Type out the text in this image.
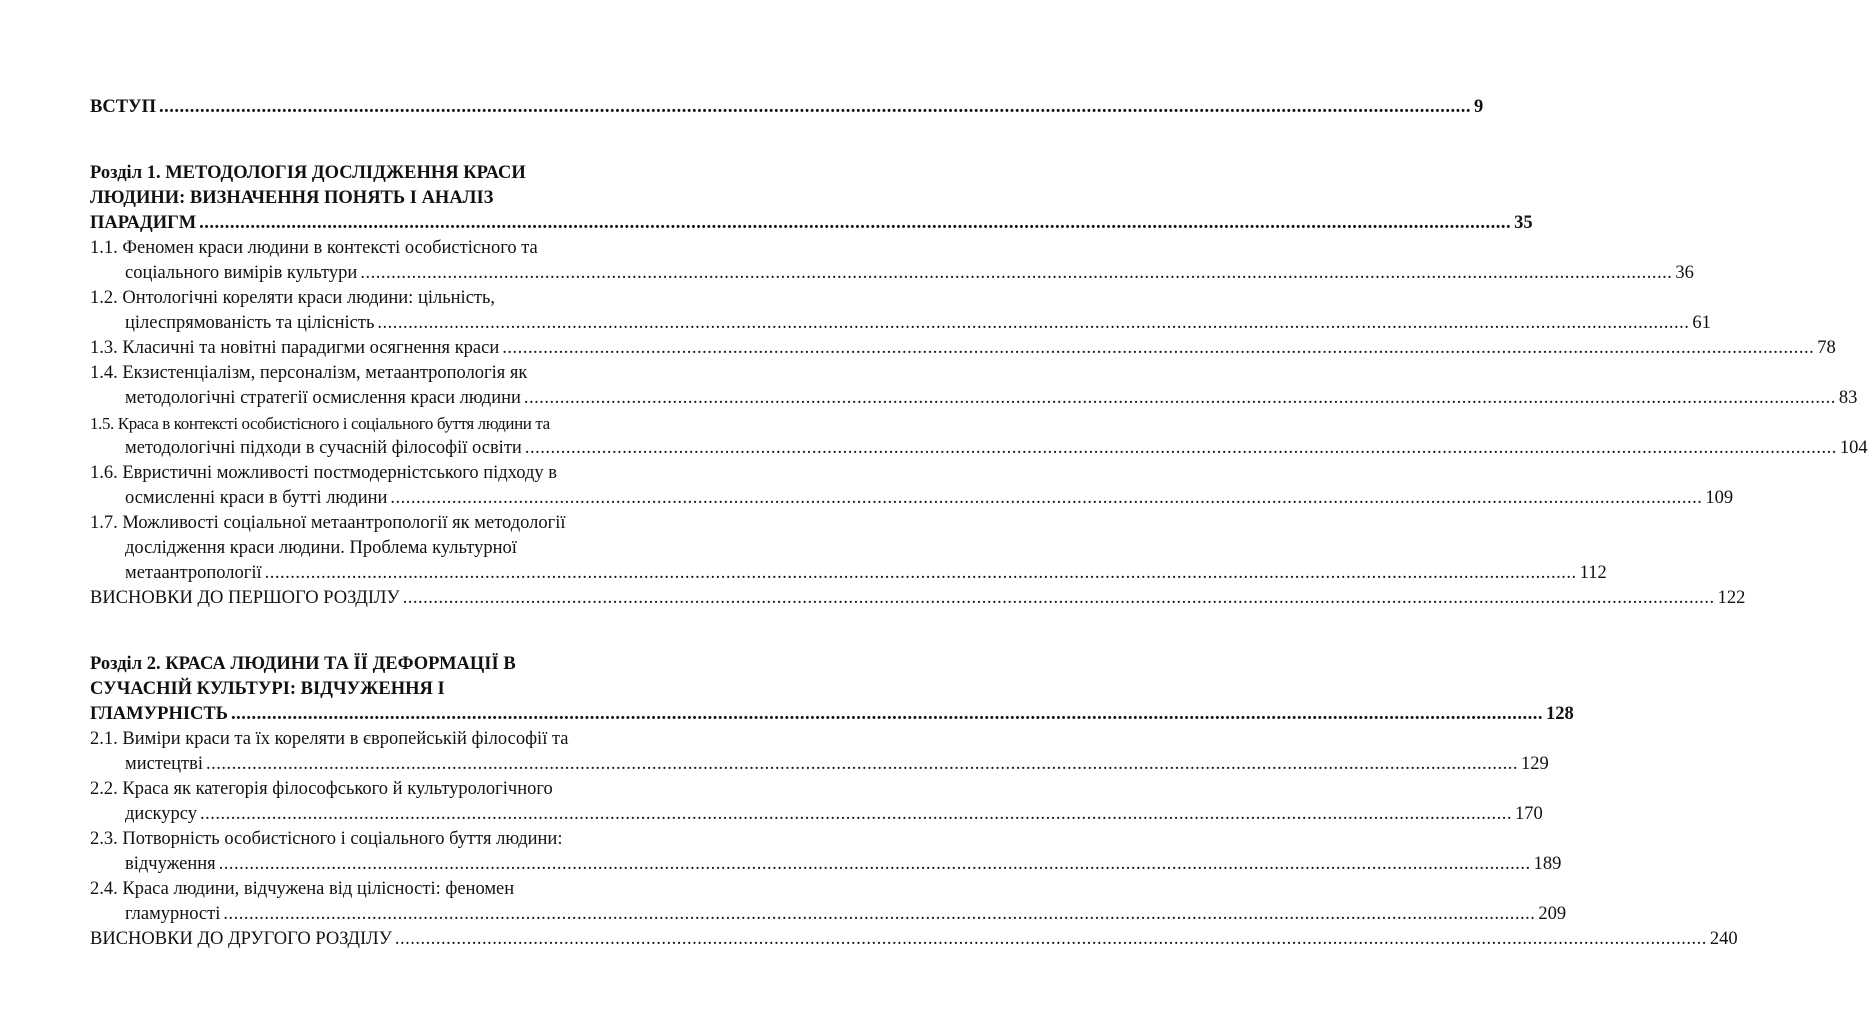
ВСТУП .....	9
Розділ 1. МЕТОДОЛОГІЯ ДОСЛІДЖЕННЯ КРАСИ
ЛЮДИНИ: ВИЗНАЧЕННЯ ПОНЯТЬ І АНАЛІЗ
ПАРАДИГМ .....	35
1.1. Феномен краси людини в контексті особистісного та
соціального вимірів культури .....	36
1.2. Онтологічні кореляти краси людини: цільність,
цілеспрямованість та цілісність .....	61
1.3. Класичні та новітні парадигми осягнення краси .....	78
1.4. Екзистенціалізм, персоналізм, метаантропологія як
методологічні стратегії осмислення краси людини .....	83
1.5. Краса в контексті особистісного і соціального буття людини та
методологічні підходи в сучасній філософії освіти .....	104
1.6. Евристичні можливості постмодерністського підходу в
осмисленні краси в бутті людини .....	109
1.7. Можливості соціальної метаантропології як методології
дослідження краси людини. Проблема культурної
метаантропології .....	112
ВИСНОВКИ ДО ПЕРШОГО РОЗДІЛУ .....	122
Розділ 2. КРАСА ЛЮДИНИ ТА ЇЇ ДЕФОРМАЦІЇ В
СУЧАСНІЙ КУЛЬТУРІ: ВІДЧУЖЕННЯ І
ГЛАМУРНІСТЬ .....	128
2.1. Виміри краси та їх кореляти в європейській філософії та
мистецтві .....	129
2.2. Краса як категорія філософського й культурологічного
дискурсу .....	170
2.3. Потворність особистісного і соціального буття людини:
відчуження .....	189
2.4. Краса людини, відчужена від цілісності: феномен
гламурності .....	209
ВИСНОВКИ ДО ДРУГОГО РОЗДІЛУ .....	240
